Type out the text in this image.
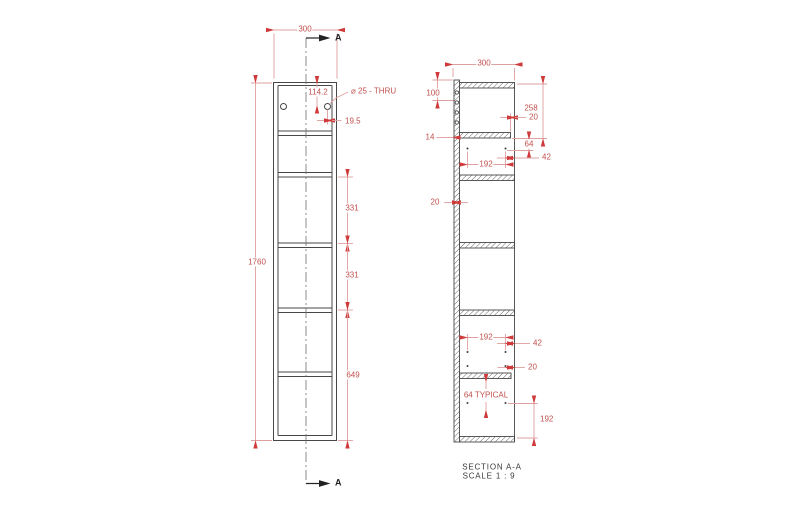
300
1760
114.2	⌀ 25 - THRU
19.5
331
331
649
A
A
300
100
14
258
20
64
192
42
20
192
42
20
64 TYPICAL
192
SECTION A-A
SCALE 1 : 9
